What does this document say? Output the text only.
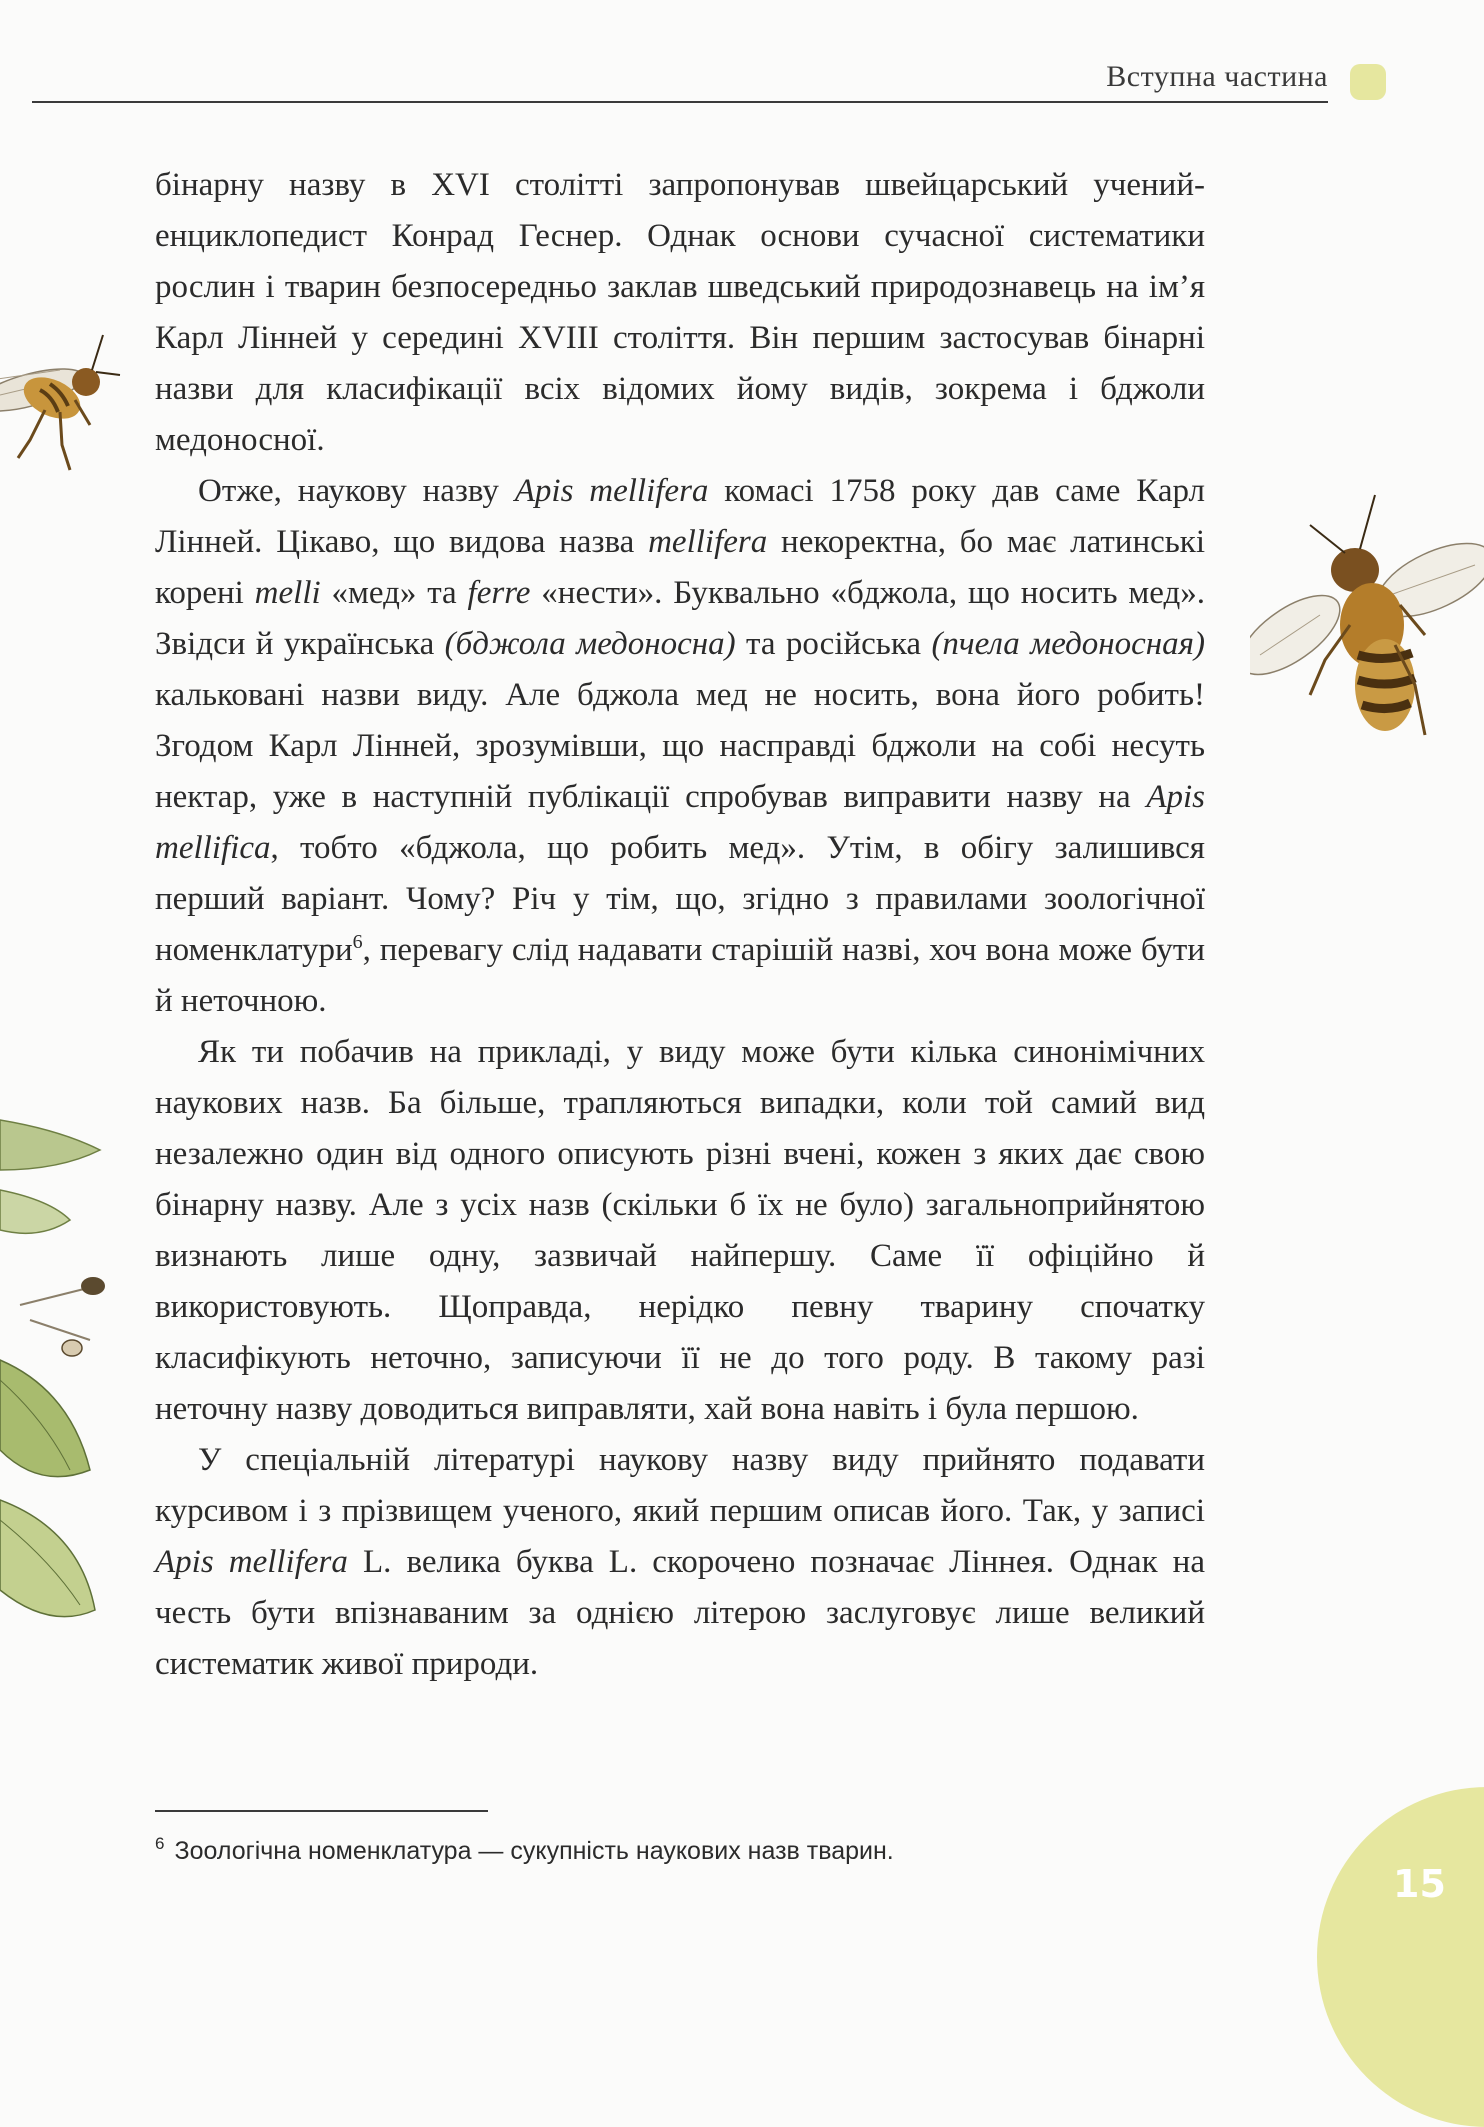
Вступна частина

бінарну назву в XVI столітті запропонував швейцарський учений-енциклопедист Конрад Геснер. Однак основи сучасної систематики рослин і тварин безпосередньо заклав шведський природознавець на ім’я Карл Лінней у середині XVIII століття. Він першим застосував бінарні назви для класифікації всіх відомих йому видів, зокрема і бджоли медоносної.

Отже, наукову назву Apis mellifera комасі 1758 року дав саме Карл Лінней. Цікаво, що видова назва mellifera некоректна, бо має латинські корені melli «мед» та ferre «нести». Буквально «бджола, що носить мед». Звідси й українська (бджола медоносна) та російська (пчела медоносная) кальковані назви виду. Але бджола мед не носить, вона його робить! Згодом Карл Лінней, зрозумівши, що насправді бджоли на собі несуть нектар, уже в наступній публікації спробував виправити назву на Apis mellifica, тобто «бджола, що робить мед». Утім, в обігу залишився перший варіант. Чому? Річ у тім, що, згідно з правилами зоологічної номенклатури$^6$, перевагу слід надавати старішій назві, хоч вона може бути й неточною.

Як ти побачив на прикладі, у виду може бути кілька синонімічних наукових назв. Ба більше, трапляються випадки, коли той самий вид незалежно один від одного описують різні вчені, кожен з яких дає свою бінарну назву. Але з усіх назв (скільки б їх не було) загальноприйнятою визнають лише одну, зазвичай найпершу. Саме її офіційно й використовують. Щоправда, нерідко певну тварину спочатку класифікують неточно, записуючи її не до того роду. В такому разі неточну назву доводиться виправляти, хай вона навіть і була першою.

У спеціальній літературі наукову назву виду прийнято подавати курсивом і з прізвищем ученого, який першим описав його. Так, у записі Apis mellifera L. велика буква L. скорочено позначає Ліннея. Однак на честь бути впізнаваним за однією літерою заслуговує лише великий систематик живої природи.

$^6$ Зоологічна номенклатура — сукупність наукових назв тварин.
15
